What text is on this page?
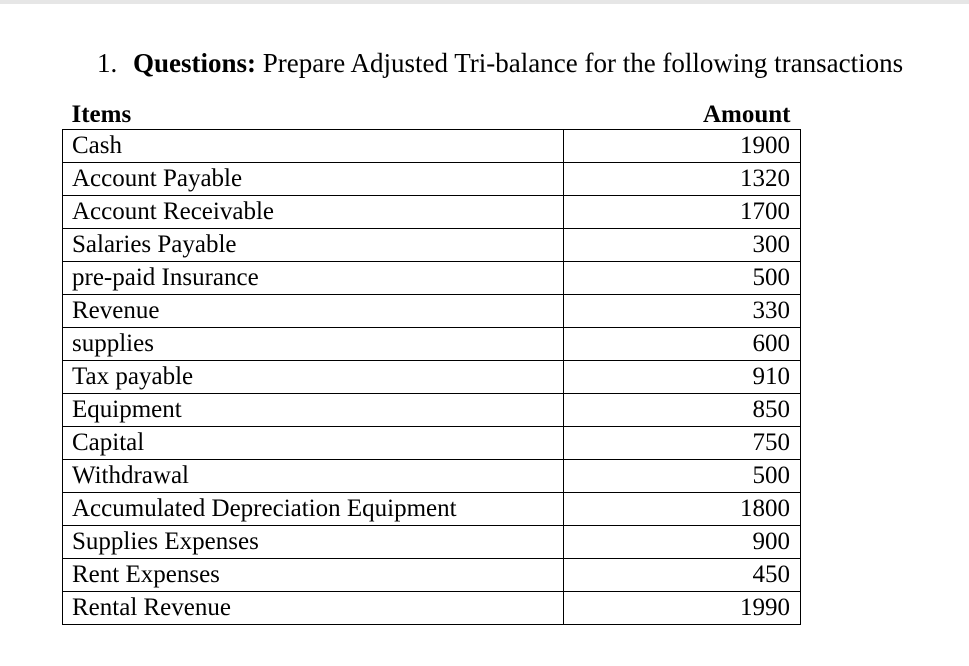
1. Questions: Prepare Adjusted Tri-balance for the following transactions
Items	Amount
Cash	1900
Account Payable	1320
Account Receivable	1700
Salaries Payable	300
pre-paid Insurance	500
Revenue	330
supplies	600
Tax payable	910
Equipment	850
Capital	750
Withdrawal	500
Accumulated Depreciation Equipment	1800
Supplies Expenses	900
Rent Expenses	450
Rental Revenue	1990
